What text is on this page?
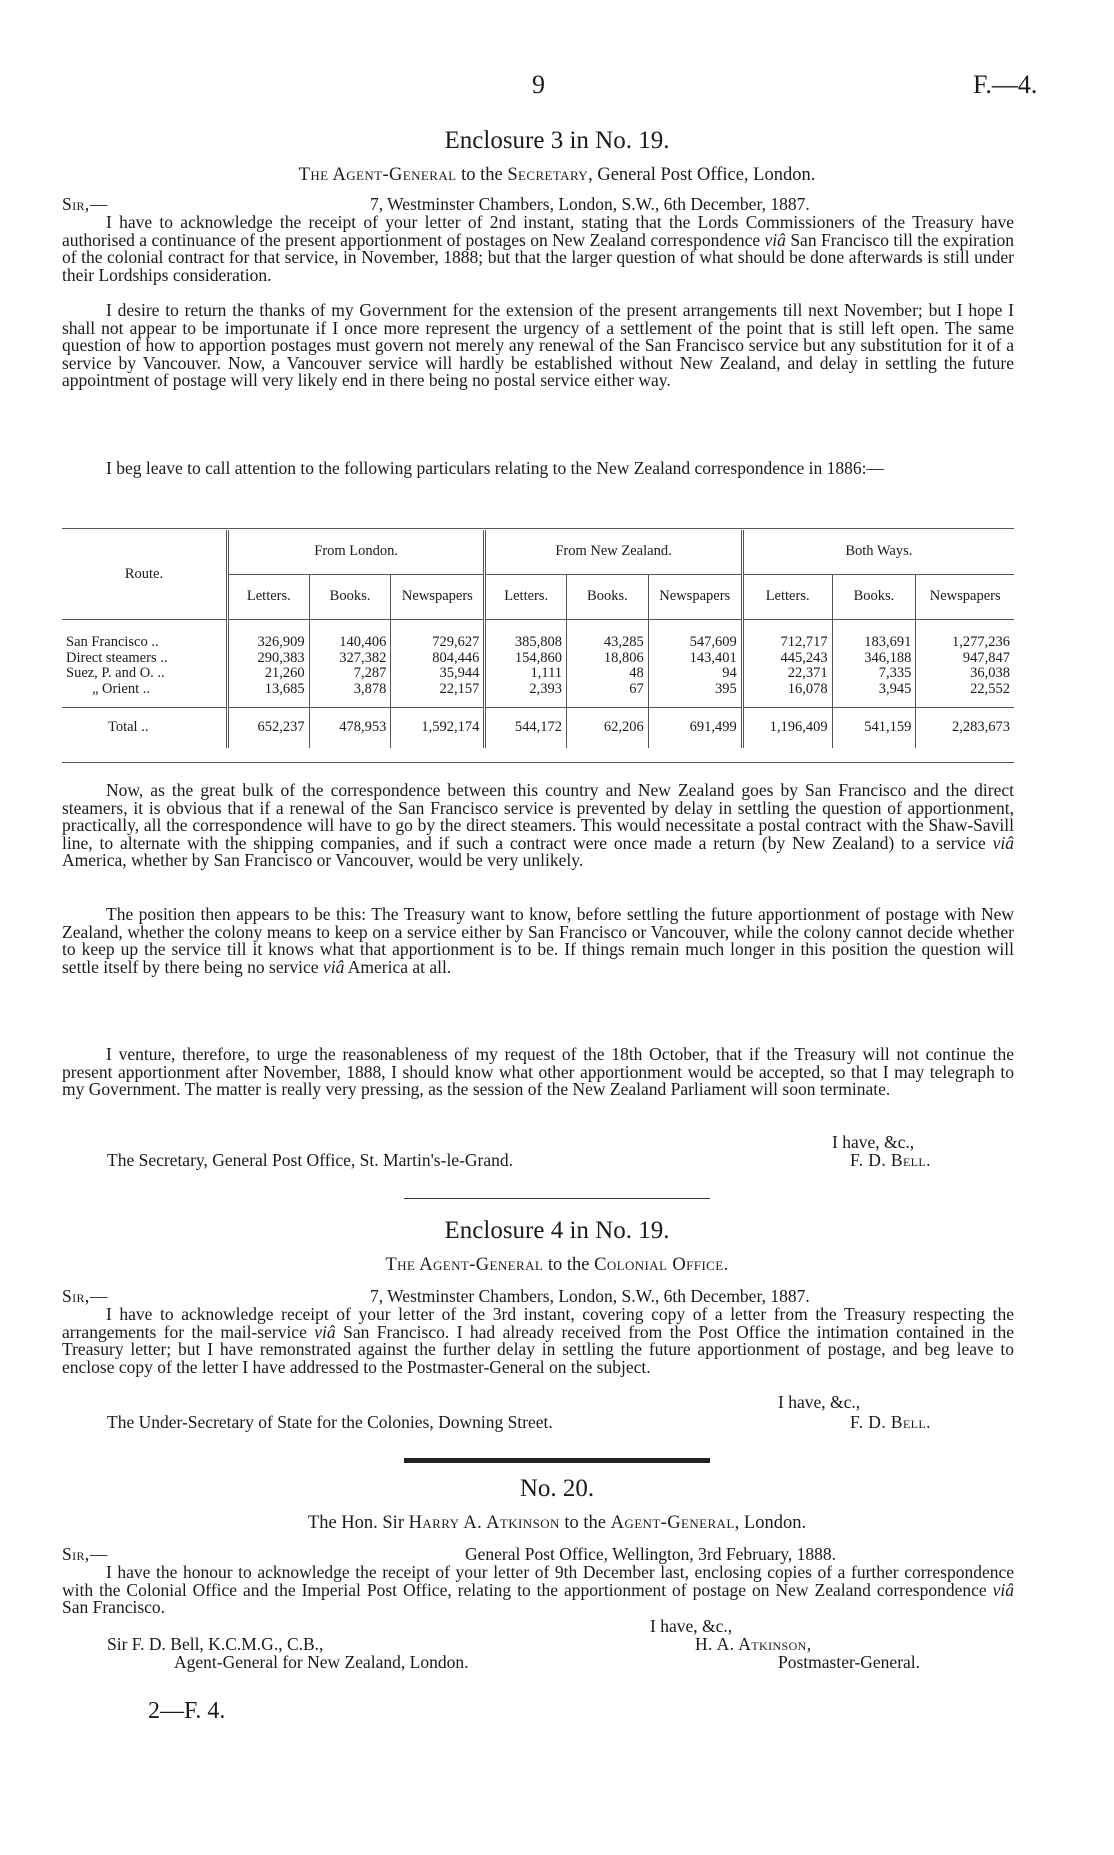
9	F.—4.
Enclosure 3 in No. 19.
The Agent-General to the Secretary, General Post Office, London.
Sir,—	7, Westminster Chambers, London, S.W., 6th December, 1887.
I have to acknowledge the receipt of your letter of 2nd instant, stating that the Lords Commissioners of the Treasury have authorised a continuance of the present apportionment of postages on New Zealand correspondence viâ San Francisco till the expiration of the colonial contract for that service, in November, 1888; but that the larger question of what should be done afterwards is still under their Lordships consideration.
I desire to return the thanks of my Government for the extension of the present arrangements till next November; but I hope I shall not appear to be importunate if I once more represent the urgency of a settlement of the point that is still left open. The same question of how to apportion postages must govern not merely any renewal of the San Francisco service but any substitution for it of a service by Vancouver. Now, a Vancouver service will hardly be established without New Zealand, and delay in settling the future appointment of postage will very likely end in there being no postal service either way.
I beg leave to call attention to the following particulars relating to the New Zealand correspondence in 1886:—
Route.	From London.			From New Zealand.			Both Ways.		
	Letters.	Books.	Newspapers	Letters.	Books.	Newspapers	Letters.	Books.	Newspapers
San Francisco ..	326,909	140,406	729,627	385,808	43,285	547,609	712,717	183,691	1,277,236
Direct steamers ..	290,383	327,382	804,446	154,860	18,806	143,401	445,243	346,188	947,847
Suez, P. and O. ..	21,260	7,287	35,944	1,111	48	94	22,371	7,335	36,038
„ Orient ..	13,685	3,878	22,157	2,393	67	395	16,078	3,945	22,552
Total ..	652,237	478,953	1,592,174	544,172	62,206	691,499	1,196,409	541,159	2,283,673
Now, as the great bulk of the correspondence between this country and New Zealand goes by San Francisco and the direct steamers, it is obvious that if a renewal of the San Francisco service is prevented by delay in settling the question of apportionment, practically, all the correspondence will have to go by the direct steamers. This would necessitate a postal contract with the Shaw-Savill line, to alternate with the shipping companies, and if such a contract were once made a return (by New Zealand) to a service viâ America, whether by San Francisco or Vancouver, would be very unlikely.
The position then appears to be this: The Treasury want to know, before settling the future apportionment of postage with New Zealand, whether the colony means to keep on a service either by San Francisco or Vancouver, while the colony cannot decide whether to keep up the service till it knows what that apportionment is to be. If things remain much longer in this position the question will settle itself by there being no service viâ America at all.
I venture, therefore, to urge the reasonableness of my request of the 18th October, that if the Treasury will not continue the present apportionment after November, 1888, I should know what other apportionment would be accepted, so that I may telegraph to my Government. The matter is really very pressing, as the session of the New Zealand Parliament will soon terminate.
I have, &c.,
The Secretary, General Post Office, St. Martin's-le-Grand.	F. D. Bell.
Enclosure 4 in No. 19.
The Agent-General to the Colonial Office.
Sir,—	7, Westminster Chambers, London, S.W., 6th December, 1887.
I have to acknowledge receipt of your letter of the 3rd instant, covering copy of a letter from the Treasury respecting the arrangements for the mail-service viâ San Francisco. I had already received from the Post Office the intimation contained in the Treasury letter; but I have remonstrated against the further delay in settling the future apportionment of postage, and beg leave to enclose copy of the letter I have addressed to the Postmaster-General on the subject.
I have, &c.,
The Under-Secretary of State for the Colonies, Downing Street.	F. D. Bell.
No. 20.
The Hon. Sir Harry A. Atkinson to the Agent-General, London.
Sir,—	General Post Office, Wellington, 3rd February, 1888.
I have the honour to acknowledge the receipt of your letter of 9th December last, enclosing copies of a further correspondence with the Colonial Office and the Imperial Post Office, relating to the apportionment of postage on New Zealand correspondence viâ San Francisco.
I have, &c.,
Sir F. D. Bell, K.C.M.G., C.B.,	H. A. Atkinson,
Agent-General for New Zealand, London.	Postmaster-General.
2—F. 4.
